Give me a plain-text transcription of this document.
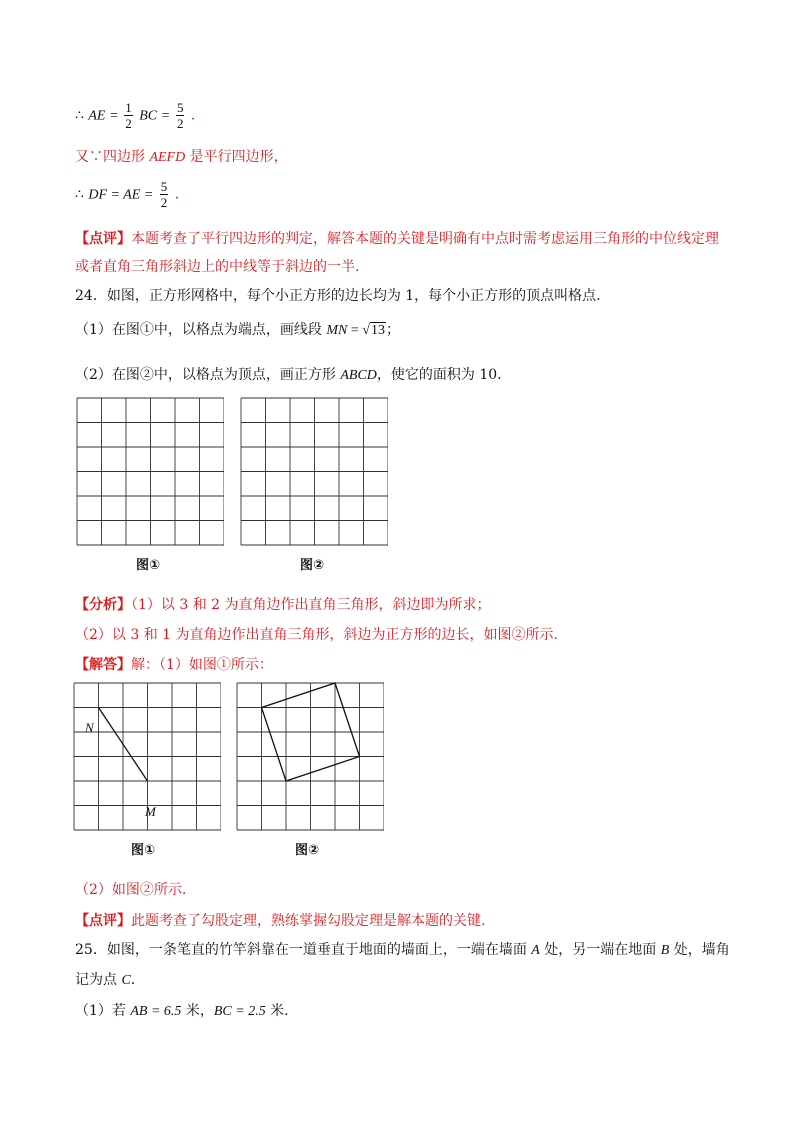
∴ AE = $\frac{1}{2}$ BC = $\frac{5}{2}$ .
又∵四边形 AEFD 是平行四边形，
∴ DF = AE = $\frac{5}{2}$ .
【点评】本题考查了平行四边形的判定，解答本题的关键是明确有中点时需考虑运用三角形的中位线定理
或者直角三角形斜边上的中线等于斜边的一半.
24．如图，正方形网格中，每个小正方形的边长均为 1，每个小正方形的顶点叫格点.
（1）在图①中，以格点为端点，画线段 MN = √13；
（2）在图②中，以格点为顶点，画正方形 ABCD，使它的面积为 10.
图①	图②
【分析】（1）以 3 和 2 为直角边作出直角三角形，斜边即为所求；
（2）以 3 和 1 为直角边作出直角三角形，斜边为正方形的边长，如图②所示.
【解答】解：（1）如图①所示：
N
M
图①	图②
（2）如图②所示.
【点评】此题考查了勾股定理，熟练掌握勾股定理是解本题的关键.
25．如图，一条笔直的竹竿斜靠在一道垂直于地面的墙面上，一端在墙面 A 处，另一端在地面 B 处，墙角
记为点 C.
（1）若 AB = 6.5 米，BC = 2.5 米.
